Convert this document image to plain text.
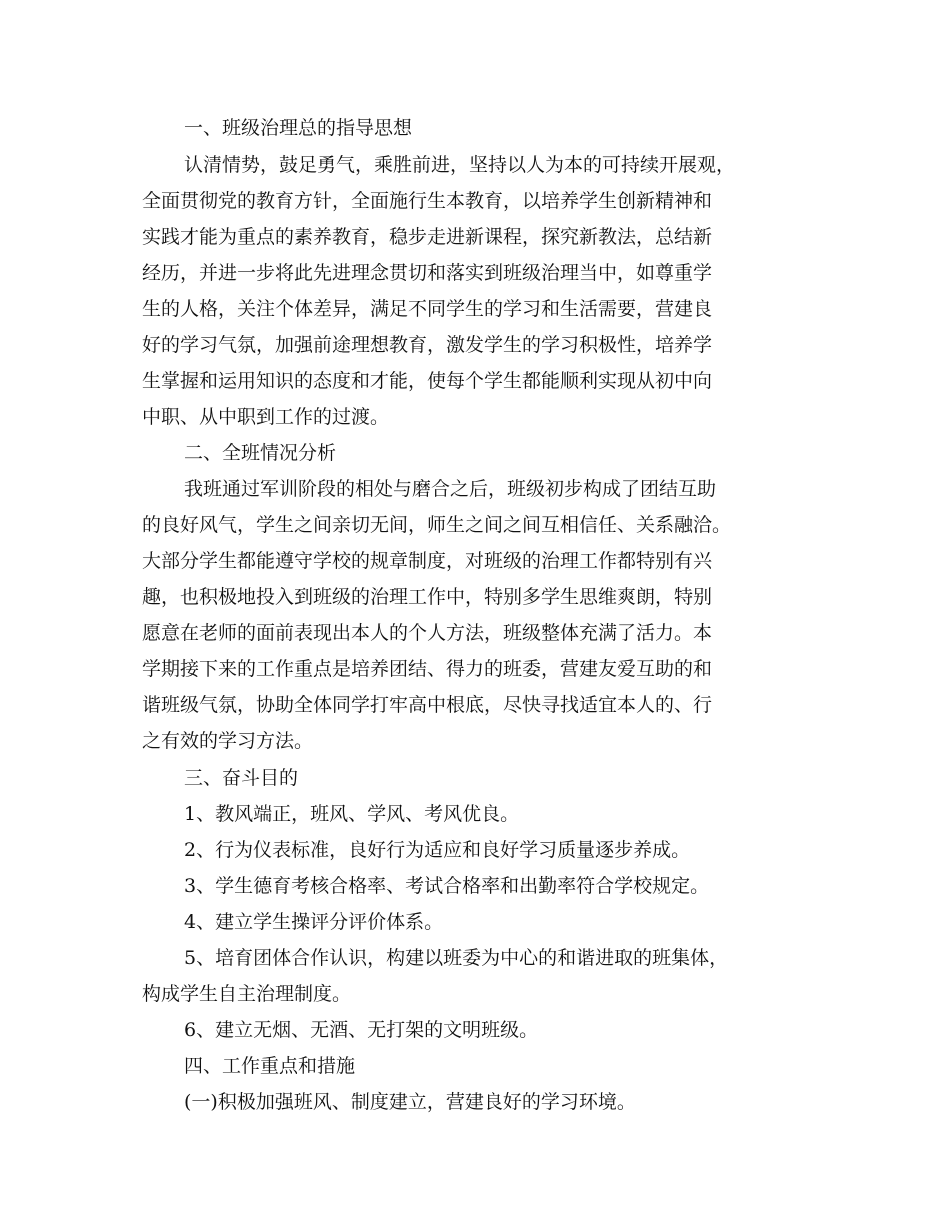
一、班级治理总的指导思想
认清情势，鼓足勇气，乘胜前进，坚持以人为本的可持续开展观，
全面贯彻党的教育方针，全面施行生本教育，以培养学生创新精神和
实践才能为重点的素养教育，稳步走进新课程，探究新教法，总结新
经历，并进一步将此先进理念贯切和落实到班级治理当中，如尊重学
生的人格，关注个体差异，满足不同学生的学习和生活需要，营建良
好的学习气氛，加强前途理想教育，激发学生的学习积极性，培养学
生掌握和运用知识的态度和才能，使每个学生都能顺利实现从初中向
中职、从中职到工作的过渡。
二、全班情况分析
我班通过军训阶段的相处与磨合之后，班级初步构成了团结互助
的良好风气，学生之间亲切无间，师生之间之间互相信任、关系融洽。
大部分学生都能遵守学校的规章制度，对班级的治理工作都特别有兴
趣，也积极地投入到班级的治理工作中，特别多学生思维爽朗，特别
愿意在老师的面前表现出本人的个人方法，班级整体充满了活力。本
学期接下来的工作重点是培养团结、得力的班委，营建友爱互助的和
谐班级气氛，协助全体同学打牢高中根底，尽快寻找适宜本人的、行
之有效的学习方法。
三、奋斗目的
1、教风端正，班风、学风、考风优良。
2、行为仪表标准，良好行为适应和良好学习质量逐步养成。
3、学生德育考核合格率、考试合格率和出勤率符合学校规定。
4、建立学生操评分评价体系。
5、培育团体合作认识，构建以班委为中心的和谐进取的班集体，
构成学生自主治理制度。
6、建立无烟、无酒、无打架的文明班级。
四、工作重点和措施
(一)积极加强班风、制度建立，营建良好的学习环境。
